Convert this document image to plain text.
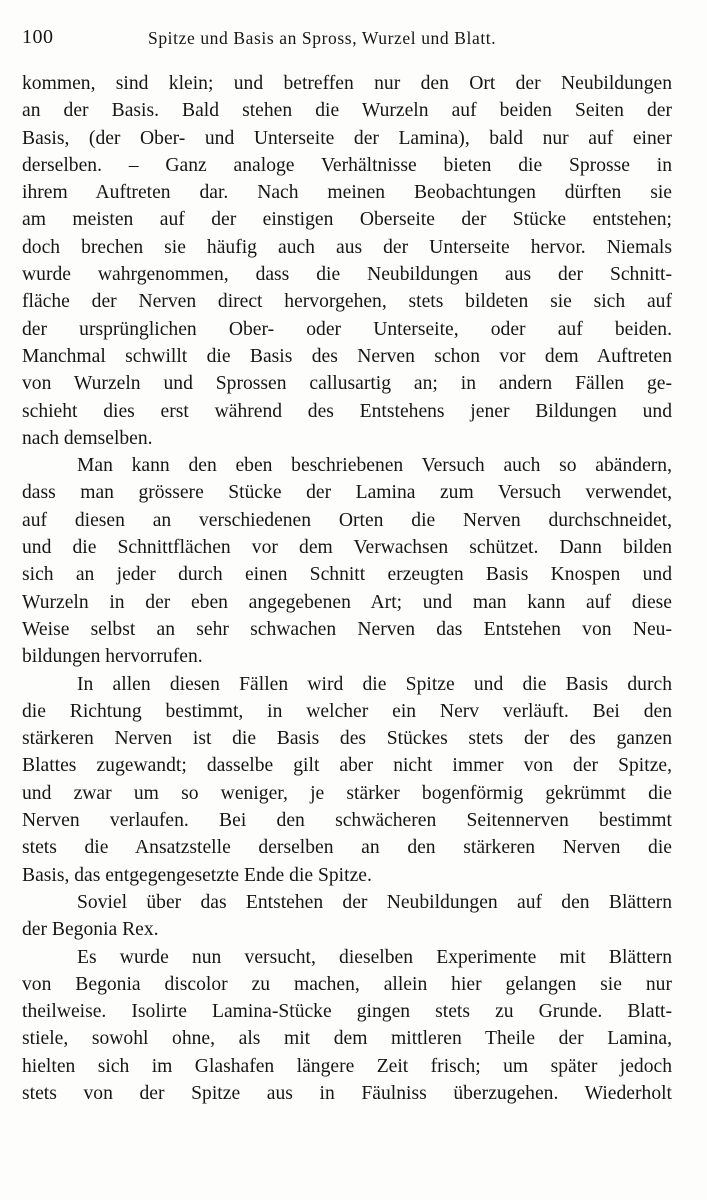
100	Spitze und Basis an Spross, Wurzel und Blatt.
kommen, sind klein; und betreffen nur den Ort der Neubildungen
an der Basis. Bald stehen die Wurzeln auf beiden Seiten der
Basis, (der Ober- und Unterseite der Lamina), bald nur auf einer
derselben. – Ganz analoge Verhältnisse bieten die Sprosse in
ihrem Auftreten dar. Nach meinen Beobachtungen dürften sie
am meisten auf der einstigen Oberseite der Stücke entstehen;
doch brechen sie häufig auch aus der Unterseite hervor. Niemals
wurde wahrgenommen, dass die Neubildungen aus der Schnitt-
fläche der Nerven direct hervorgehen, stets bildeten sie sich auf
der ursprünglichen Ober- oder Unterseite, oder auf beiden.
Manchmal schwillt die Basis des Nerven schon vor dem Auftreten
von Wurzeln und Sprossen callusartig an; in andern Fällen ge-
schieht dies erst während des Entstehens jener Bildungen und
nach demselben.
Man kann den eben beschriebenen Versuch auch so abändern,
dass man grössere Stücke der Lamina zum Versuch verwendet,
auf diesen an verschiedenen Orten die Nerven durchschneidet,
und die Schnittflächen vor dem Verwachsen schützet. Dann bilden
sich an jeder durch einen Schnitt erzeugten Basis Knospen und
Wurzeln in der eben angegebenen Art; und man kann auf diese
Weise selbst an sehr schwachen Nerven das Entstehen von Neu-
bildungen hervorrufen.
In allen diesen Fällen wird die Spitze und die Basis durch
die Richtung bestimmt, in welcher ein Nerv verläuft. Bei den
stärkeren Nerven ist die Basis des Stückes stets der des ganzen
Blattes zugewandt; dasselbe gilt aber nicht immer von der Spitze,
und zwar um so weniger, je stärker bogenförmig gekrümmt die
Nerven verlaufen. Bei den schwächeren Seitennerven bestimmt
stets die Ansatzstelle derselben an den stärkeren Nerven die
Basis, das entgegengesetzte Ende die Spitze.
Soviel über das Entstehen der Neubildungen auf den Blättern
der Begonia Rex.
Es wurde nun versucht, dieselben Experimente mit Blättern
von Begonia discolor zu machen, allein hier gelangen sie nur
theilweise. Isolirte Lamina-Stücke gingen stets zu Grunde. Blatt-
stiele, sowohl ohne, als mit dem mittleren Theile der Lamina,
hielten sich im Glashafen längere Zeit frisch; um später jedoch
stets von der Spitze aus in Fäulniss überzugehen. Wiederholt
